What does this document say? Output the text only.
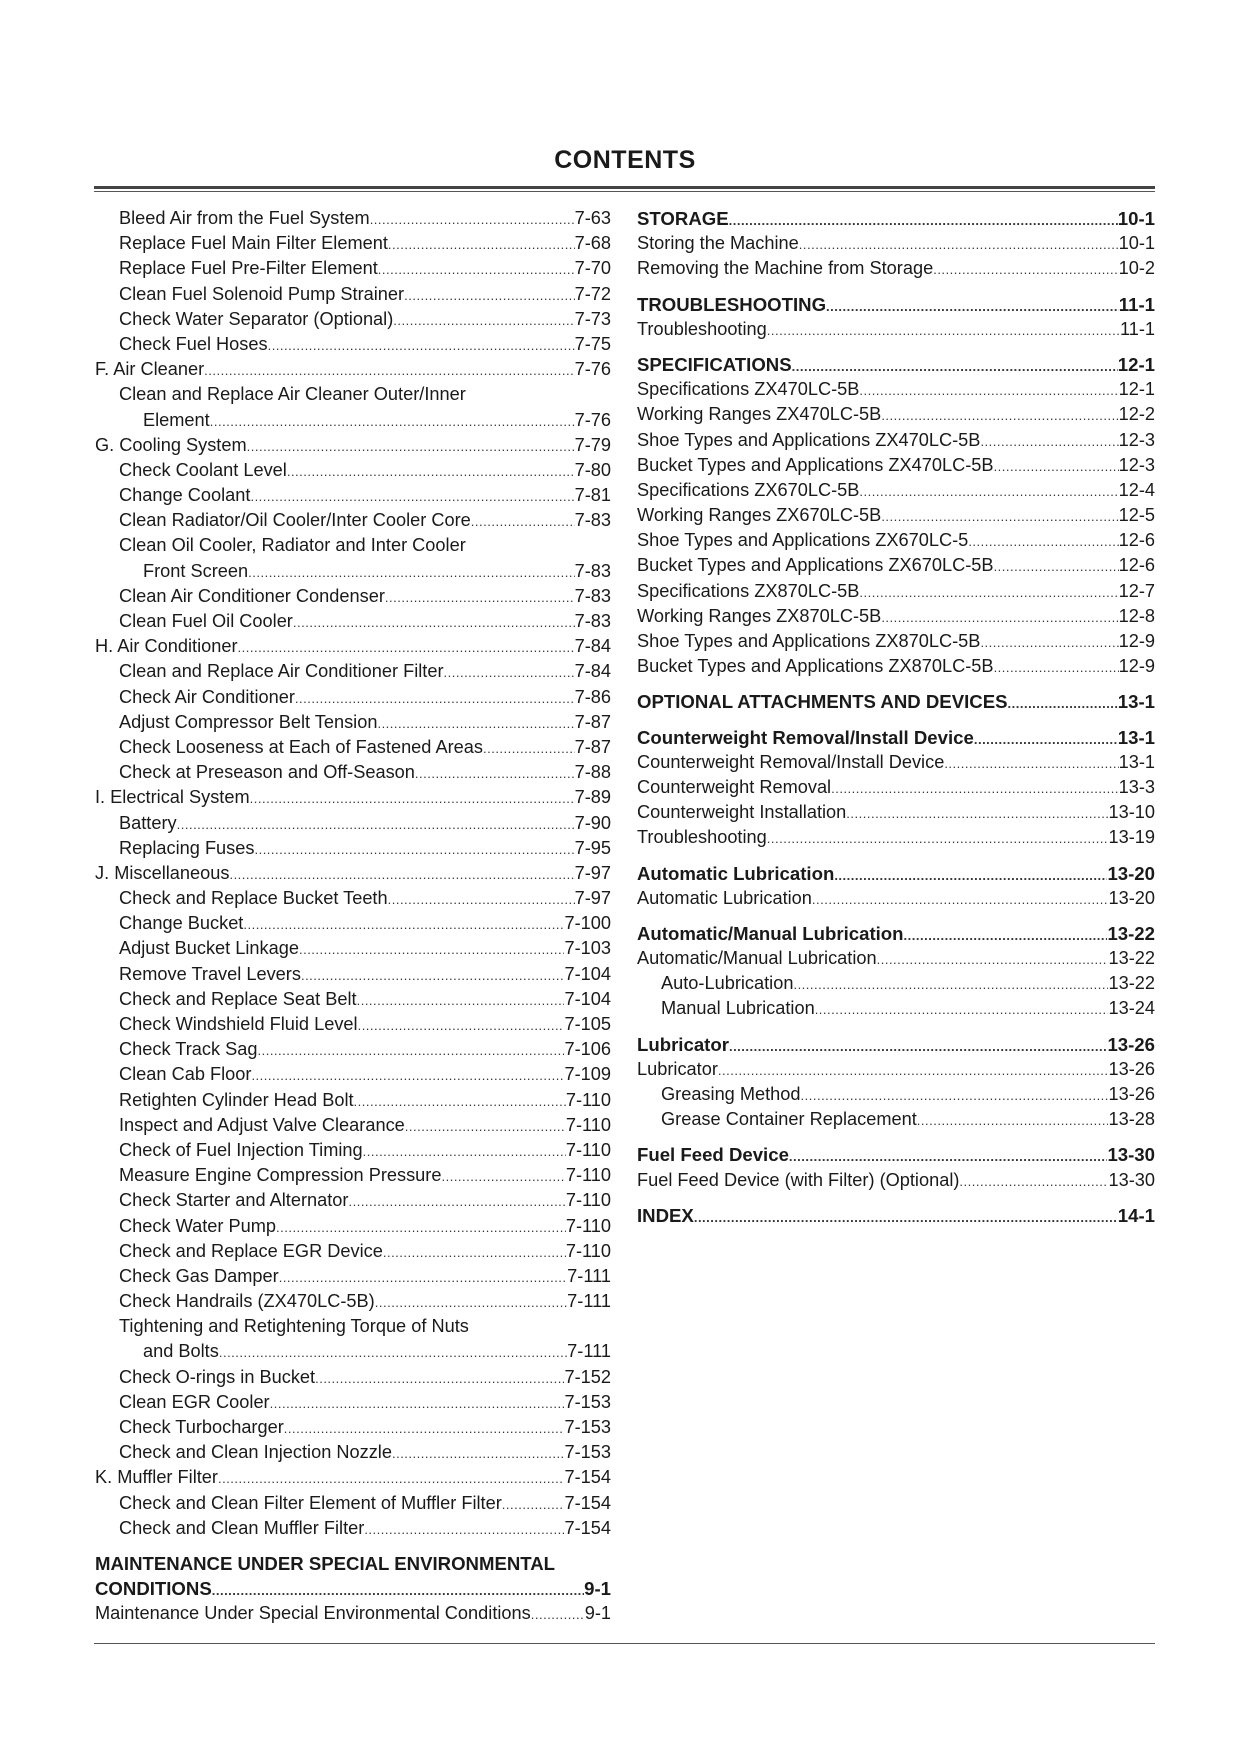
CONTENTS
Bleed Air from the Fuel System .....	7-63
Replace Fuel Main Filter Element .....	7-68
Replace Fuel Pre-Filter Element .....	7-70
Clean Fuel Solenoid Pump Strainer .....	7-72
Check Water Separator (Optional) .....	7-73
Check Fuel Hoses .....	7-75
F. Air Cleaner .....	7-76
Clean and Replace Air Cleaner Outer/Inner
Element .....	7-76
G. Cooling System .....	7-79
Check Coolant Level .....	7-80
Change Coolant .....	7-81
Clean Radiator/Oil Cooler/Inter Cooler Core .....	7-83
Clean Oil Cooler, Radiator and Inter Cooler
Front Screen .....	7-83
Clean Air Conditioner Condenser .....	7-83
Clean Fuel Oil Cooler .....	7-83
H. Air Conditioner .....	7-84
Clean and Replace Air Conditioner Filter .....	7-84
Check Air Conditioner .....	7-86
Adjust Compressor Belt Tension .....	7-87
Check Looseness at Each of Fastened Areas .....	7-87
Check at Preseason and Off-Season .....	7-88
I. Electrical System .....	7-89
Battery .....	7-90
Replacing Fuses .....	7-95
J. Miscellaneous .....	7-97
Check and Replace Bucket Teeth .....	7-97
Change Bucket .....	7-100
Adjust Bucket Linkage .....	7-103
Remove Travel Levers .....	7-104
Check and Replace Seat Belt .....	7-104
Check Windshield Fluid Level .....	7-105
Check Track Sag .....	7-106
Clean Cab Floor .....	7-109
Retighten Cylinder Head Bolt .....	7-110
Inspect and Adjust Valve Clearance .....	7-110
Check of Fuel Injection Timing .....	7-110
Measure Engine Compression Pressure .....	7-110
Check Starter and Alternator .....	7-110
Check Water Pump .....	7-110
Check and Replace EGR Device .....	7-110
Check Gas Damper .....	7-111
Check Handrails (ZX470LC-5B) .....	7-111
Tightening and Retightening Torque of Nuts
and Bolts .....	7-111
Check O-rings in Bucket .....	7-152
Clean EGR Cooler .....	7-153
Check Turbocharger .....	7-153
Check and Clean Injection Nozzle .....	7-153
K. Muffler Filter .....	7-154
Check and Clean Filter Element of Muffler Filter .....	7-154
Check and Clean Muffler Filter .....	7-154
MAINTENANCE UNDER SPECIAL ENVIRONMENTAL
CONDITIONS .....	9-1
Maintenance Under Special Environmental Conditions .....	9-1
STORAGE .....	10-1
Storing the Machine .....	10-1
Removing the Machine from Storage .....	10-2
TROUBLESHOOTING .....	11-1
Troubleshooting .....	11-1
SPECIFICATIONS .....	12-1
Specifications ZX470LC-5B .....	12-1
Working Ranges ZX470LC-5B .....	12-2
Shoe Types and Applications ZX470LC-5B .....	12-3
Bucket Types and Applications ZX470LC-5B .....	12-3
Specifications ZX670LC-5B .....	12-4
Working Ranges ZX670LC-5B .....	12-5
Shoe Types and Applications ZX670LC-5 .....	12-6
Bucket Types and Applications ZX670LC-5B .....	12-6
Specifications ZX870LC-5B .....	12-7
Working Ranges ZX870LC-5B .....	12-8
Shoe Types and Applications ZX870LC-5B .....	12-9
Bucket Types and Applications ZX870LC-5B .....	12-9
OPTIONAL ATTACHMENTS AND DEVICES .....	13-1
Counterweight Removal/Install Device .....	13-1
Counterweight Removal/Install Device .....	13-1
Counterweight Removal .....	13-3
Counterweight Installation .....	13-10
Troubleshooting .....	13-19
Automatic Lubrication .....	13-20
Automatic Lubrication .....	13-20
Automatic/Manual Lubrication .....	13-22
Automatic/Manual Lubrication .....	13-22
Auto-Lubrication .....	13-22
Manual Lubrication .....	13-24
Lubricator .....	13-26
Lubricator .....	13-26
Greasing Method .....	13-26
Grease Container Replacement .....	13-28
Fuel Feed Device .....	13-30
Fuel Feed Device (with Filter) (Optional) .....	13-30
INDEX .....	14-1
